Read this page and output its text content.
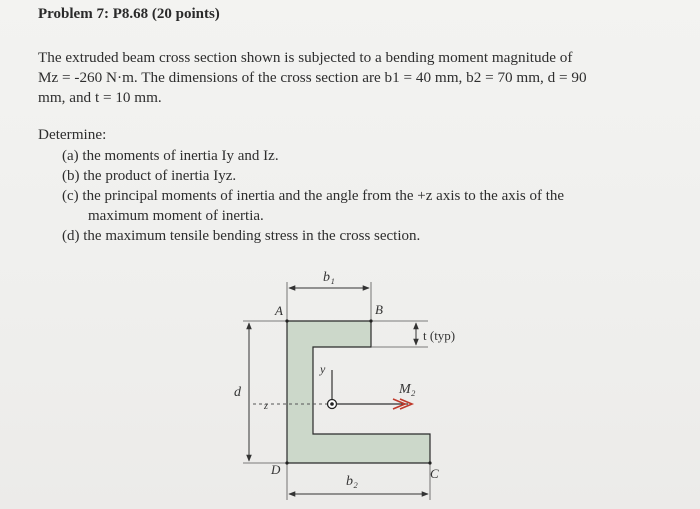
Problem 7: P8.68 (20 points)
The extruded beam cross section shown is subjected to a bending moment magnitude of
Mz = -260 N·m. The dimensions of the cross section are b1 = 40 mm, b2 = 70 mm, d = 90
mm, and t = 10 mm.
Determine:
(a) the moments of inertia Iy and Iz.
(b) the product of inertia Iyz.
(c) the principal moments of inertia and the angle from the +z axis to the axis of the
maximum moment of inertia.
(d) the maximum tensile bending stress in the cross section.
b₁
d
b₂
t (typ)
y
z
M₂
A	B
C
D
